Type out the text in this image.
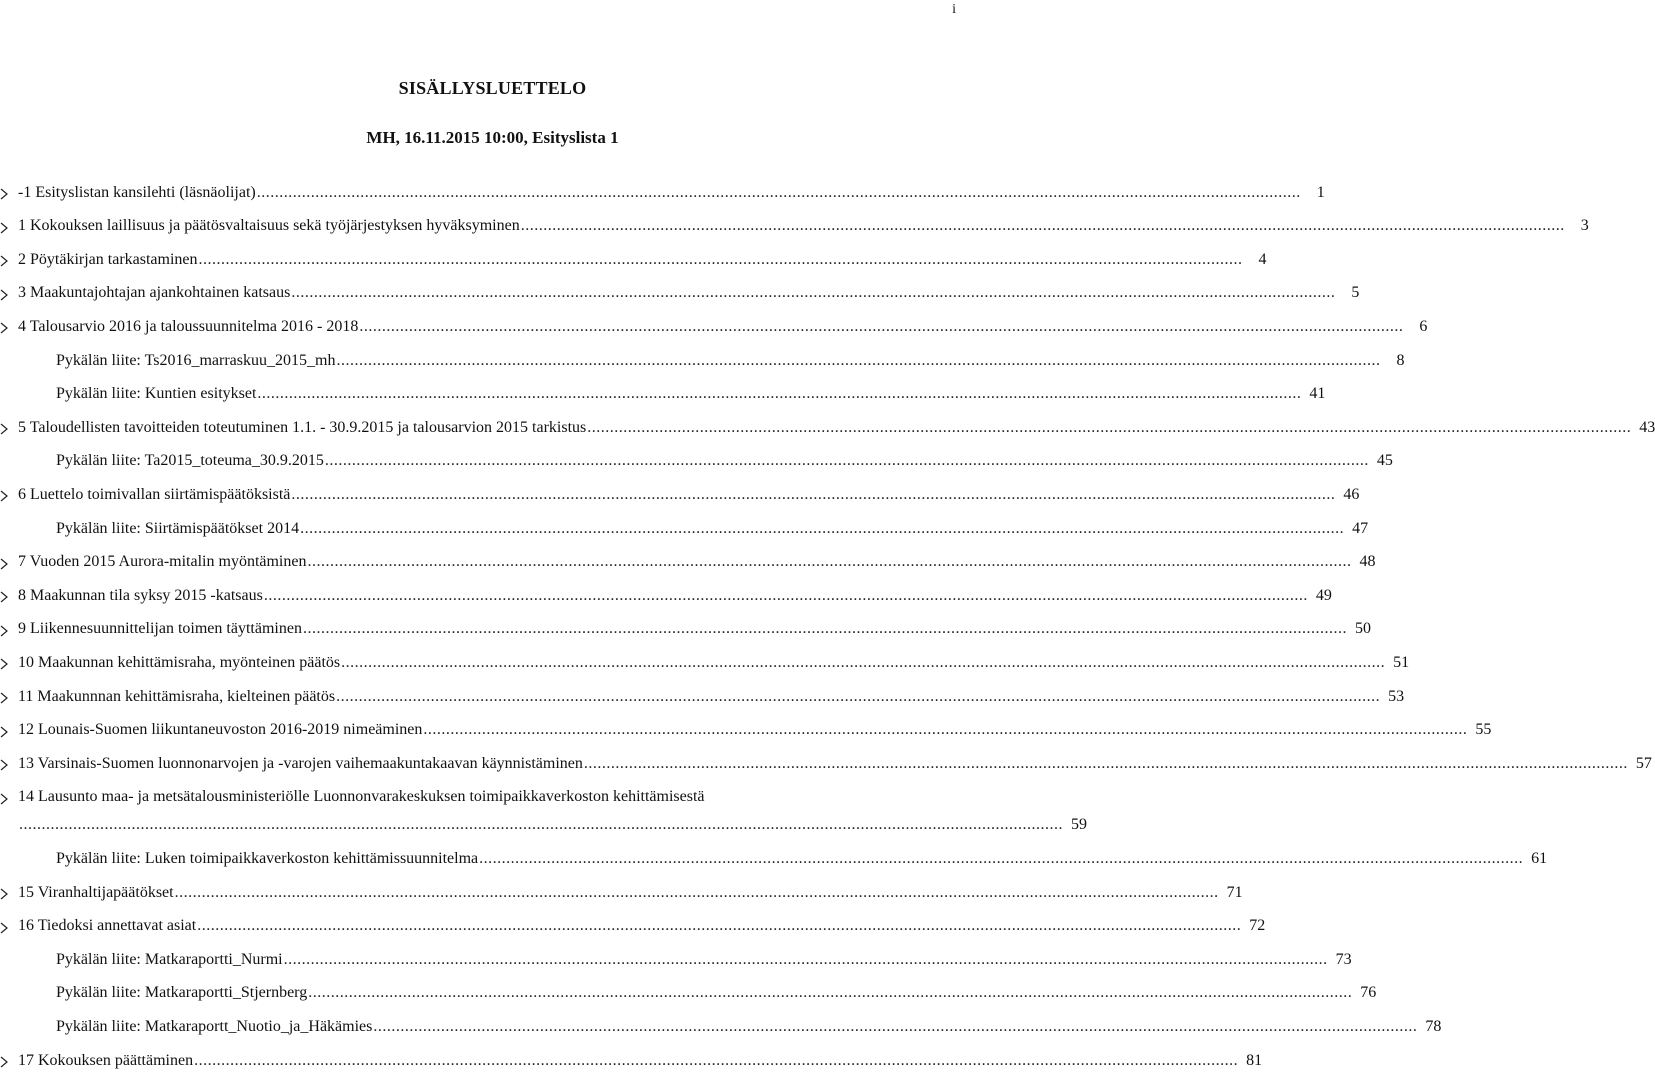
i
SISÄLLYSLUETTELO
MH, 16.11.2015 10:00, Esityslista 1
-1 Esityslistan kansilehti (läsnäolijat) ........................................................................................................................................................................................................................................	1
1 Kokouksen laillisuus ja päätösvaltaisuus sekä työjärjestyksen hyväksyminen ........................................................................................................................................................................................................................................	3
2 Pöytäkirjan tarkastaminen ........................................................................................................................................................................................................................................	4
3 Maakuntajohtajan ajankohtainen katsaus ........................................................................................................................................................................................................................................	5
4 Talousarvio 2016 ja taloussuunnitelma 2016 - 2018 ........................................................................................................................................................................................................................................	6
Pykälän liite: Ts2016_marraskuu_2015_mh ........................................................................................................................................................................................................................................	8
Pykälän liite: Kuntien esitykset ........................................................................................................................................................................................................................................ 41
5 Taloudellisten tavoitteiden toteutuminen 1.1. - 30.9.2015 ja talousarvion 2015 tarkistus ........................................................................................................................................................................................................................................ 43
Pykälän liite: Ta2015_toteuma_30.9.2015 ........................................................................................................................................................................................................................................ 45
6 Luettelo toimivallan siirtämispäätöksistä ........................................................................................................................................................................................................................................ 46
Pykälän liite: Siirtämispäätökset 2014 ........................................................................................................................................................................................................................................ 47
7 Vuoden 2015 Aurora-mitalin myöntäminen ........................................................................................................................................................................................................................................ 48
8 Maakunnan tila syksy 2015 -katsaus ........................................................................................................................................................................................................................................ 49
9 Liikennesuunnittelijan toimen täyttäminen ........................................................................................................................................................................................................................................ 50
10 Maakunnan kehittämisraha, myönteinen päätös ........................................................................................................................................................................................................................................ 51
11 Maakunnnan kehittämisraha, kielteinen päätös ........................................................................................................................................................................................................................................ 53
12 Lounais-Suomen liikuntaneuvoston 2016-2019 nimeäminen ........................................................................................................................................................................................................................................ 55
13 Varsinais-Suomen luonnonarvojen ja -varojen vaihemaakuntakaavan käynnistäminen ........................................................................................................................................................................................................................................ 57
14 Lausunto maa- ja metsätalousministeriölle Luonnonvarakeskuksen toimipaikkaverkoston kehittämisestä
........................................................................................................................................................................................................................................ 59
Pykälän liite: Luken toimipaikkaverkoston kehittämissuunnitelma ........................................................................................................................................................................................................................................ 61
15 Viranhaltijapäätökset ........................................................................................................................................................................................................................................ 71
16 Tiedoksi annettavat asiat ........................................................................................................................................................................................................................................ 72
Pykälän liite: Matkaraportti_Nurmi ........................................................................................................................................................................................................................................ 73
Pykälän liite: Matkaraportti_Stjernberg ........................................................................................................................................................................................................................................ 76
Pykälän liite: Matkaraportt_Nuotio_ja_Häkämies ........................................................................................................................................................................................................................................ 78
17 Kokouksen päättäminen ........................................................................................................................................................................................................................................ 81
